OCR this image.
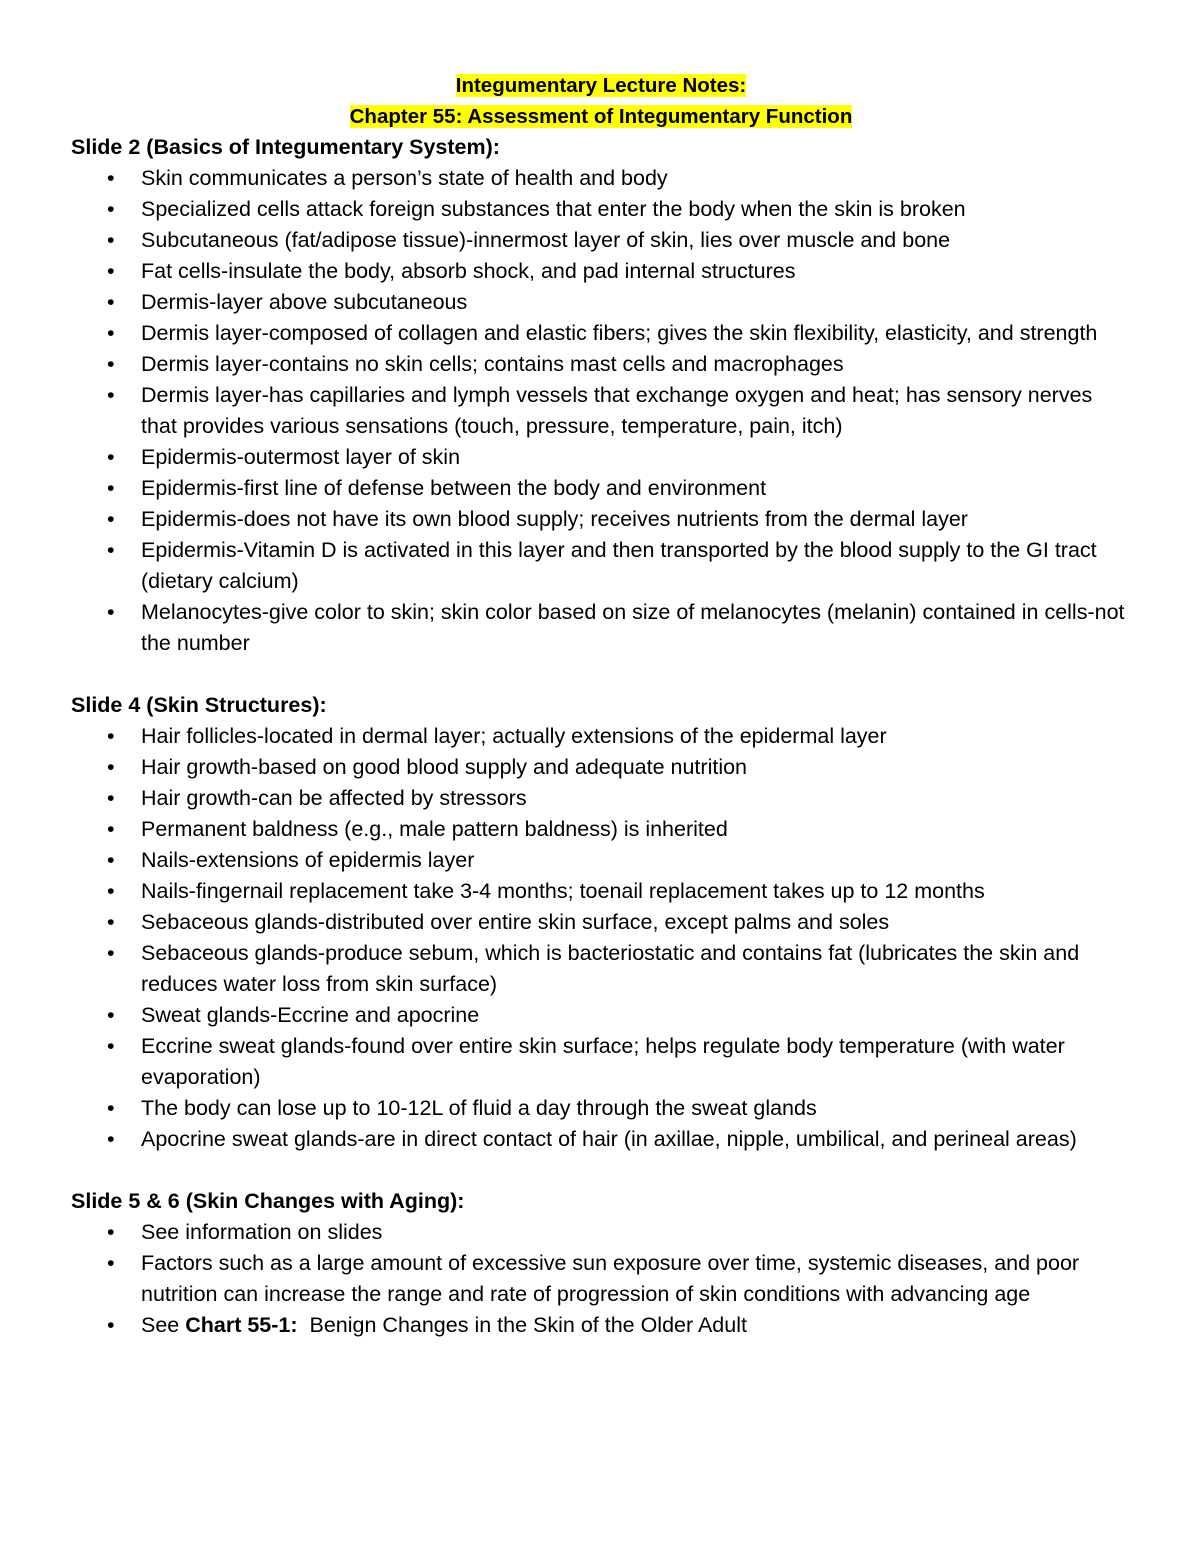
Integumentary Lecture Notes:
Chapter 55: Assessment of Integumentary Function
Slide 2 (Basics of Integumentary System):
• Skin communicates a person’s state of health and body
• Specialized cells attack foreign substances that enter the body when the skin is broken
• Subcutaneous (fat/adipose tissue)-innermost layer of skin, lies over muscle and bone
• Fat cells-insulate the body, absorb shock, and pad internal structures
• Dermis-layer above subcutaneous
• Dermis layer-composed of collagen and elastic fibers; gives the skin flexibility, elasticity, and strength
• Dermis layer-contains no skin cells; contains mast cells and macrophages
• Dermis layer-has capillaries and lymph vessels that exchange oxygen and heat; has sensory nerves that provides various sensations (touch, pressure, temperature, pain, itch)
• Epidermis-outermost layer of skin
• Epidermis-first line of defense between the body and environment
• Epidermis-does not have its own blood supply; receives nutrients from the dermal layer
• Epidermis-Vitamin D is activated in this layer and then transported by the blood supply to the GI tract (dietary calcium)
• Melanocytes-give color to skin; skin color based on size of melanocytes (melanin) contained in cells-not the number
Slide 4 (Skin Structures):
• Hair follicles-located in dermal layer; actually extensions of the epidermal layer
• Hair growth-based on good blood supply and adequate nutrition
• Hair growth-can be affected by stressors
• Permanent baldness (e.g., male pattern baldness) is inherited
• Nails-extensions of epidermis layer
• Nails-fingernail replacement take 3-4 months; toenail replacement takes up to 12 months
• Sebaceous glands-distributed over entire skin surface, except palms and soles
• Sebaceous glands-produce sebum, which is bacteriostatic and contains fat (lubricates the skin and reduces water loss from skin surface)
• Sweat glands-Eccrine and apocrine
• Eccrine sweat glands-found over entire skin surface; helps regulate body temperature (with water evaporation)
• The body can lose up to 10-12L of fluid a day through the sweat glands
• Apocrine sweat glands-are in direct contact of hair (in axillae, nipple, umbilical, and perineal areas)
Slide 5 & 6 (Skin Changes with Aging):
• See information on slides
• Factors such as a large amount of excessive sun exposure over time, systemic diseases, and poor nutrition can increase the range and rate of progression of skin conditions with advancing age
• See Chart 55-1:  Benign Changes in the Skin of the Older Adult
